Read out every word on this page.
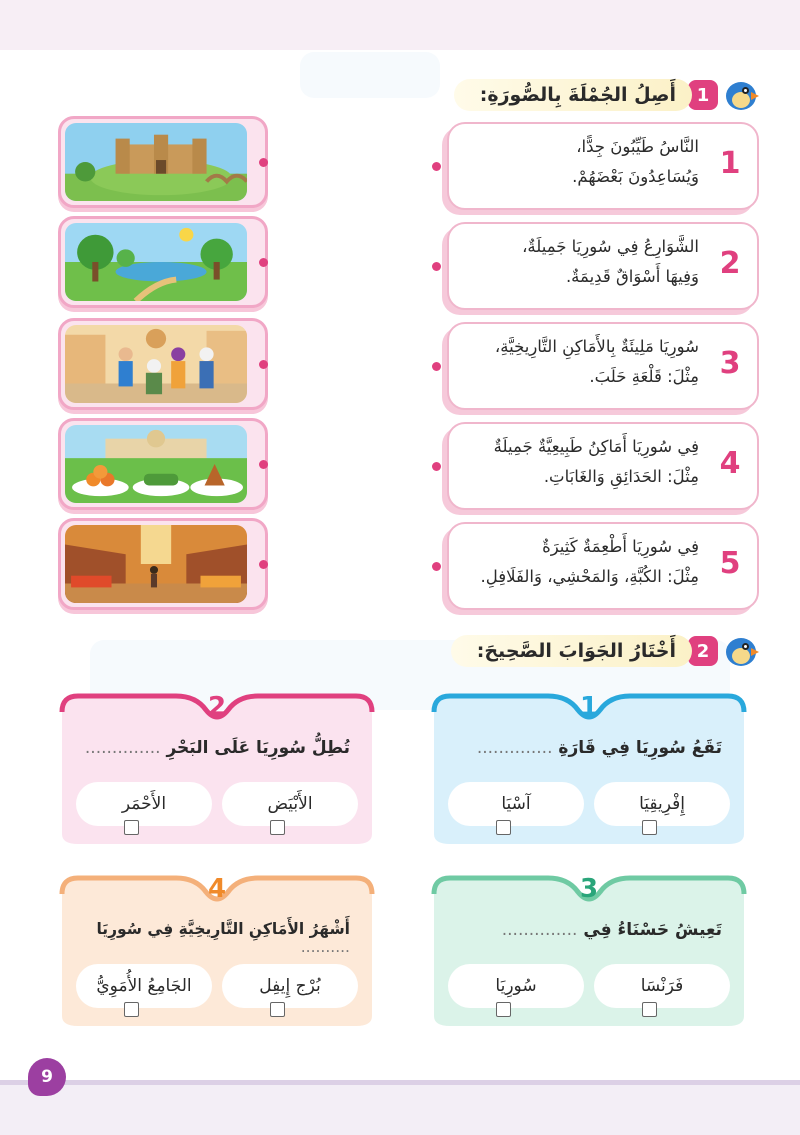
1
أَصِلُ الجُمْلَةَ بِالصُّورَةِ:
1
النَّاسُ طَيِّبُونَ جِدًّا،
وَيُسَاعِدُونَ بَعْضَهُمْ.
2
الشَّوَارِعُ فِي سُورِيَا جَمِيلَةٌ،
وَفِيهَا أَسْوَاقٌ قَدِيمَةٌ.
3
سُورِيَا مَلِيئَةٌ بِالأَمَاكِنِ التَّارِيخِيَّةِ،
مِثْلَ: قَلْعَةِ حَلَبَ.
4
فِي سُورِيَا أَمَاكِنُ طَبِيعِيَّةٌ جَمِيلَةٌ
مِثْلَ: الحَدَائِقِ وَالغَابَاتِ.
5
فِي سُورِيَا أَطْعِمَةٌ كَثِيرَةٌ
مِثْلَ: الكُبَّةِ، وَالمَحْشِي، وَالفَلَافِلِ.
2
أَخْتَارُ الجَوَابَ الصَّحِيحَ:
1
تَقَعُ سُورِيَا فِي قَارَةِ ..............
إِفْرِيقِيَا
آسْيَا
2
تُطِلُّ سُورِيَا عَلَى البَحْرِ ..............
الأَبْيَض
الأَحْمَر
3
تَعِيشُ حَسْنَاءُ فِي ..............
فَرَنْسَا
سُورِيَا
4
أَشْهَرُ الأَمَاكِنِ التَّارِيخِيَّةِ فِي سُورِيَا ..........
بُرْج إِيفِل
الجَامِعُ الأُمَوِيُّ
9
